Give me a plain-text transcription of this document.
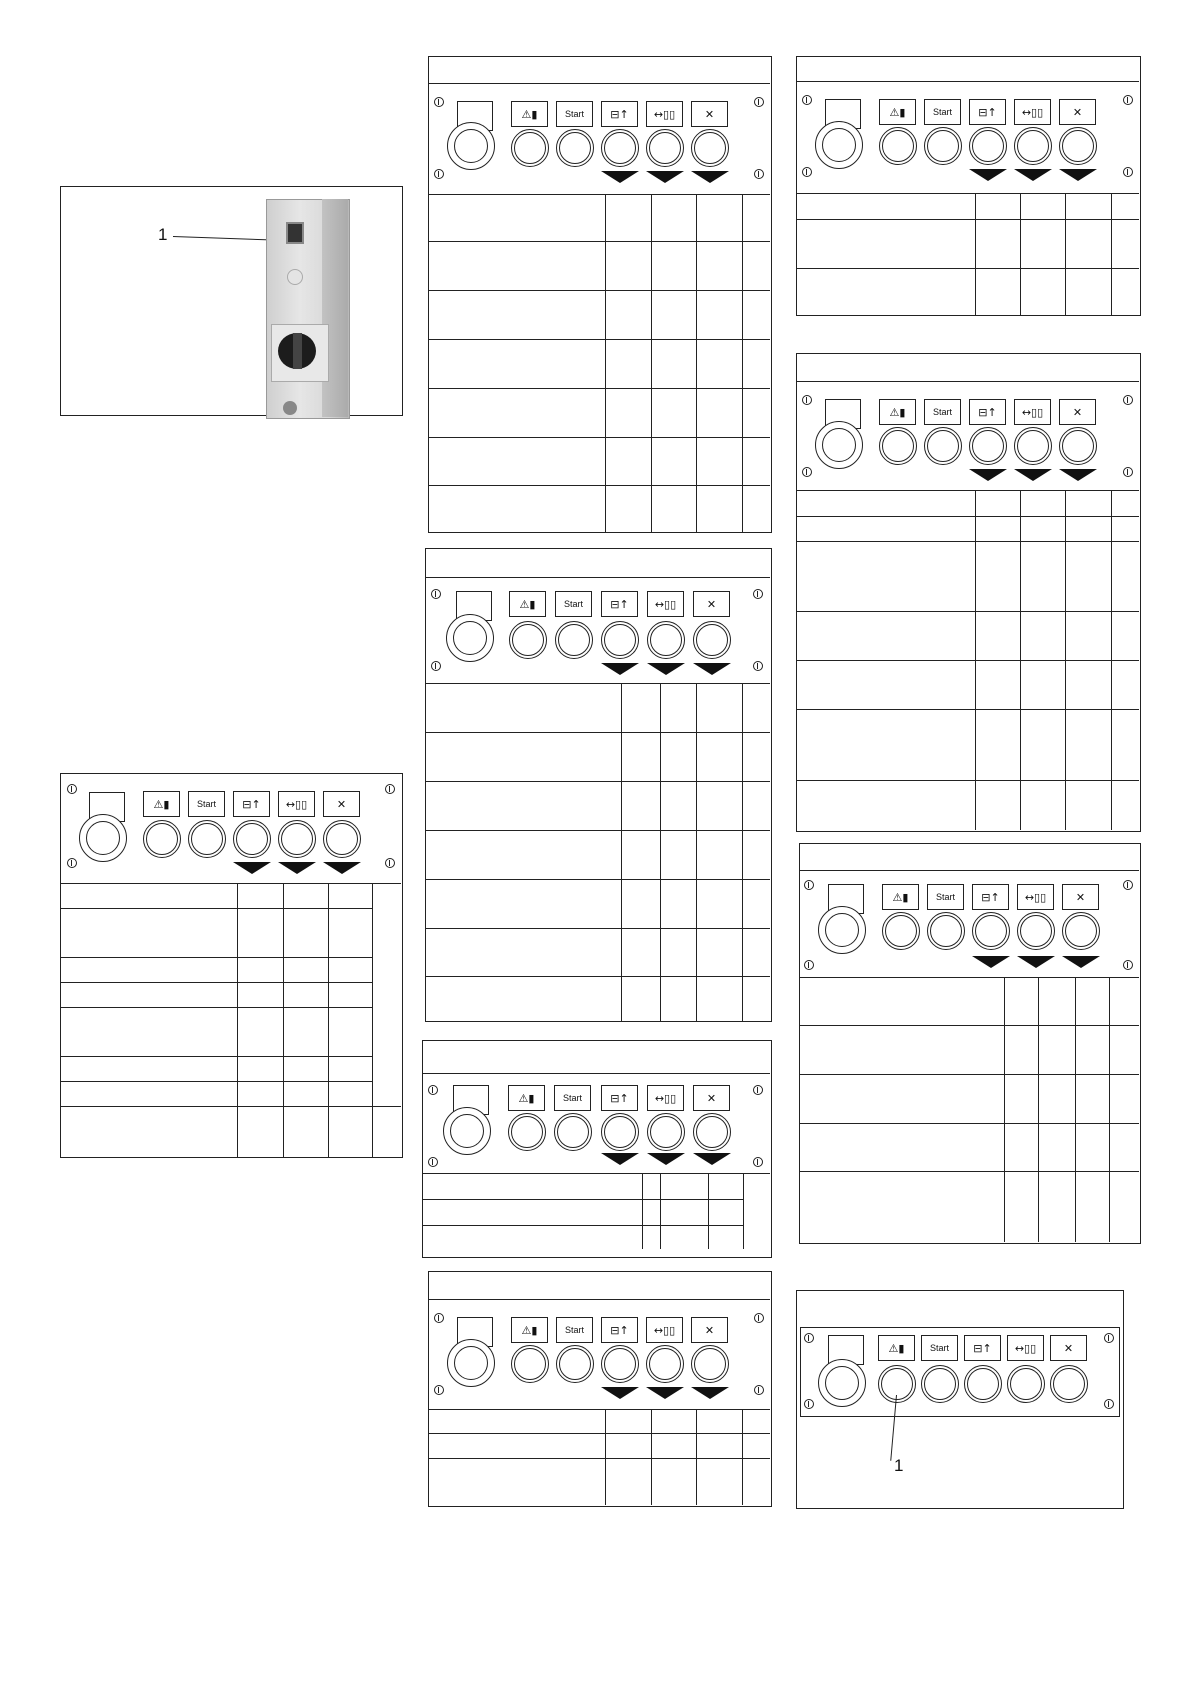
1
⚠▮	Start ⊟↑ ↔▯▯	✕
⚠▮	Start ⊟↑ ↔▯▯	✕
⚠▮	Start ⊟↑ ↔▯▯	✕
⚠▮	Start	⊟↑ ↔▯▯	✕
⚠▮	Start ⊟↑ ↔▯▯	✕
⚠▮	Start ⊟↑ ↔▯▯	✕
⚠▮	Start ⊟↑ ↔▯▯	✕
⚠▮	Start ⊟↑ ↔▯▯	✕
⚠▮	Start ⊟↑ ↔▯▯	✕
1
